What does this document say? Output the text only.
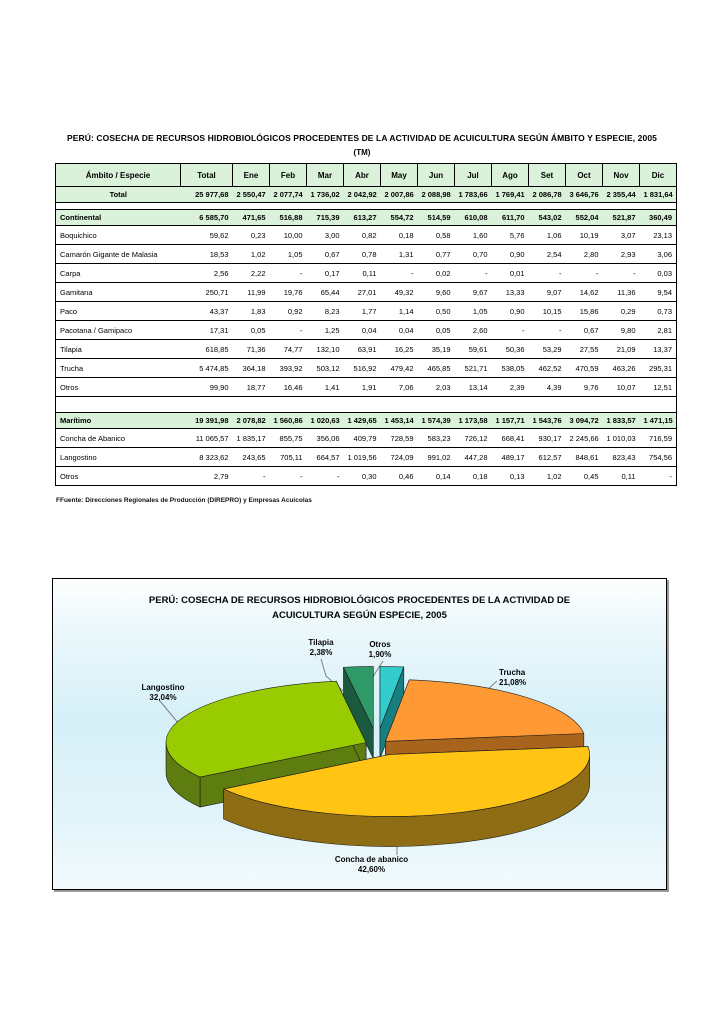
PERÚ: COSECHA DE RECURSOS HIDROBIOLÓGICOS PROCEDENTES DE LA ACTIVIDAD DE ACUICULTURA SEGÚN ÁMBITO Y ESPECIE, 2005
(TM)
Ámbito / Especie	Total	Ene	Feb	Mar	Abr	May	Jun	Jul	Ago	Set	Oct	Nov	Dic
Total	25 977,68	2 550,47	2 077,74	1 736,02	2 042,92	2 007,86	2 088,98	1 783,66	1 769,41	2 086,78	3 646,76	2 355,44	1 831,64

Continental	6 585,70	471,65	516,88	715,39	613,27	554,72	514,59	610,08	611,70	543,02	552,04	521,87	360,49
Boquichico	59,62	0,23	10,00	3,00	0,82	0,18	0,58	1,60	5,76	1,06	10,19	3,07	23,13
Camarón Gigante de Malasia	18,53	1,02	1,05	0,67	0,78	1,31	0,77	0,70	0,90	2,54	2,80	2,93	3,06
Carpa	2,56	2,22	-	0,17	0,11	-	0,02	-	0,01	-	-	-	0,03
Gamitana	250,71	11,99	19,76	65,44	27,01	49,32	9,60	9,67	13,33	9,07	14,62	11,36	9,54
Paco	43,37	1,83	0,92	8,23	1,77	1,14	0,50	1,05	0,90	10,15	15,86	0,29	0,73
Pacotana / Gamipaco	17,31	0,05	-	1,25	0,04	0,04	0,05	2,60	-	-	0,67	9,80	2,81
Tilapia	618,85	71,36	74,77	132,10	63,91	16,25	35,19	59,61	50,36	53,29	27,55	21,09	13,37
Trucha	5 474,85	364,18	393,92	503,12	516,92	479,42	465,85	521,71	538,05	462,52	470,59	463,26	295,31
Otros	99,90	18,77	16,46	1,41	1,91	7,06	2,03	13,14	2,39	4,39	9,76	10,07	12,51

Marítimo	19 391,98	2 078,82	1 560,86	1 020,63	1 429,65	1 453,14	1 574,39	1 173,58	1 157,71	1 543,76	3 094,72	1 833,57	1 471,15
Concha de Abanico	11 065,57	1 835,17	855,75	356,06	409,79	728,59	583,23	726,12	668,41	930,17	2 245,66	1 010,03	716,59
Langostino	8 323,62	243,65	705,11	664,57	1 019,56	724,09	991,02	447,28	489,17	612,57	848,61	823,43	754,56
Otros	2,79	-	-	-	0,30	0,46	0,14	0,18	0,13	1,02	0,45	0,11	-
FFuente: Direcciones Regionales de Producción (DIREPRO) y Empresas Acuícolas
PERÚ: COSECHA DE RECURSOS HIDROBIOLÓGICOS PROCEDENTES DE LA ACTIVIDAD DE ACUICULTURA SEGÚN ESPECIE, 2005
Otros
1,90%
Trucha
21,08%
Concha de abanico
42,60%
Langostino
32,04%
Tilapia
2,38%
